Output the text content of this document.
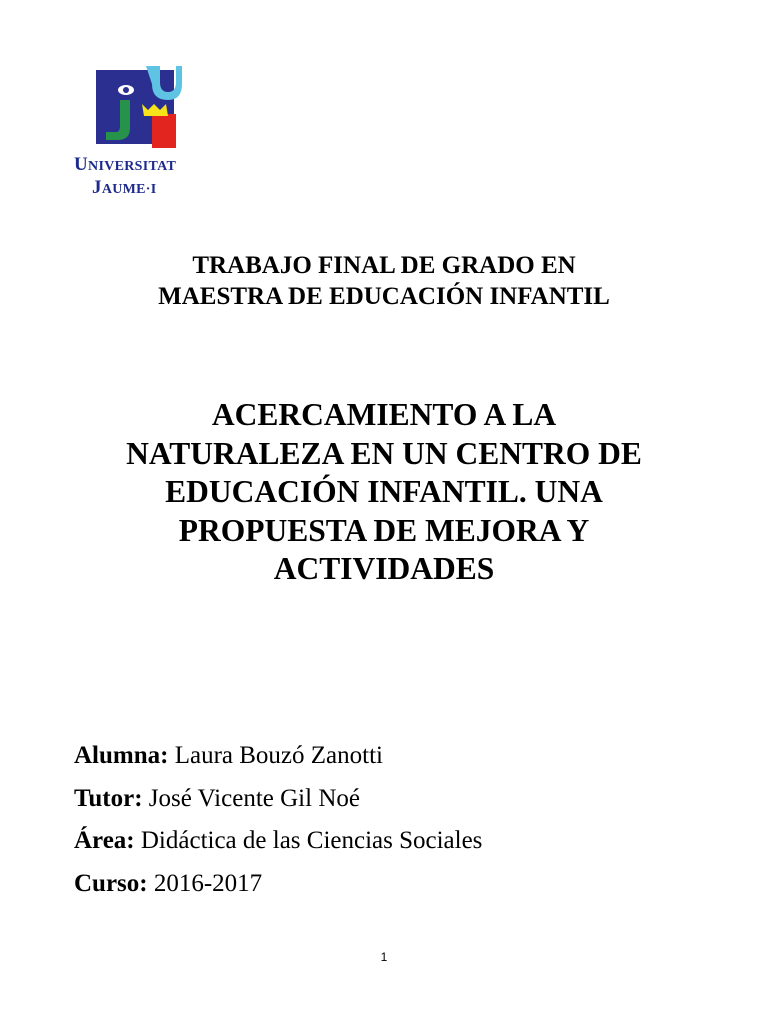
UNIVERSITAT
JAUME·I
TRABAJO FINAL DE GRADO EN
MAESTRA DE EDUCACIÓN INFANTIL
ACERCAMIENTO A LA
NATURALEZA EN UN CENTRO DE
EDUCACIÓN INFANTIL. UNA
PROPUESTA DE MEJORA Y
ACTIVIDADES
Alumna: Laura Bouzó Zanotti
Tutor: José Vicente Gil Noé
Área: Didáctica de las Ciencias Sociales
Curso: 2016-2017
1
